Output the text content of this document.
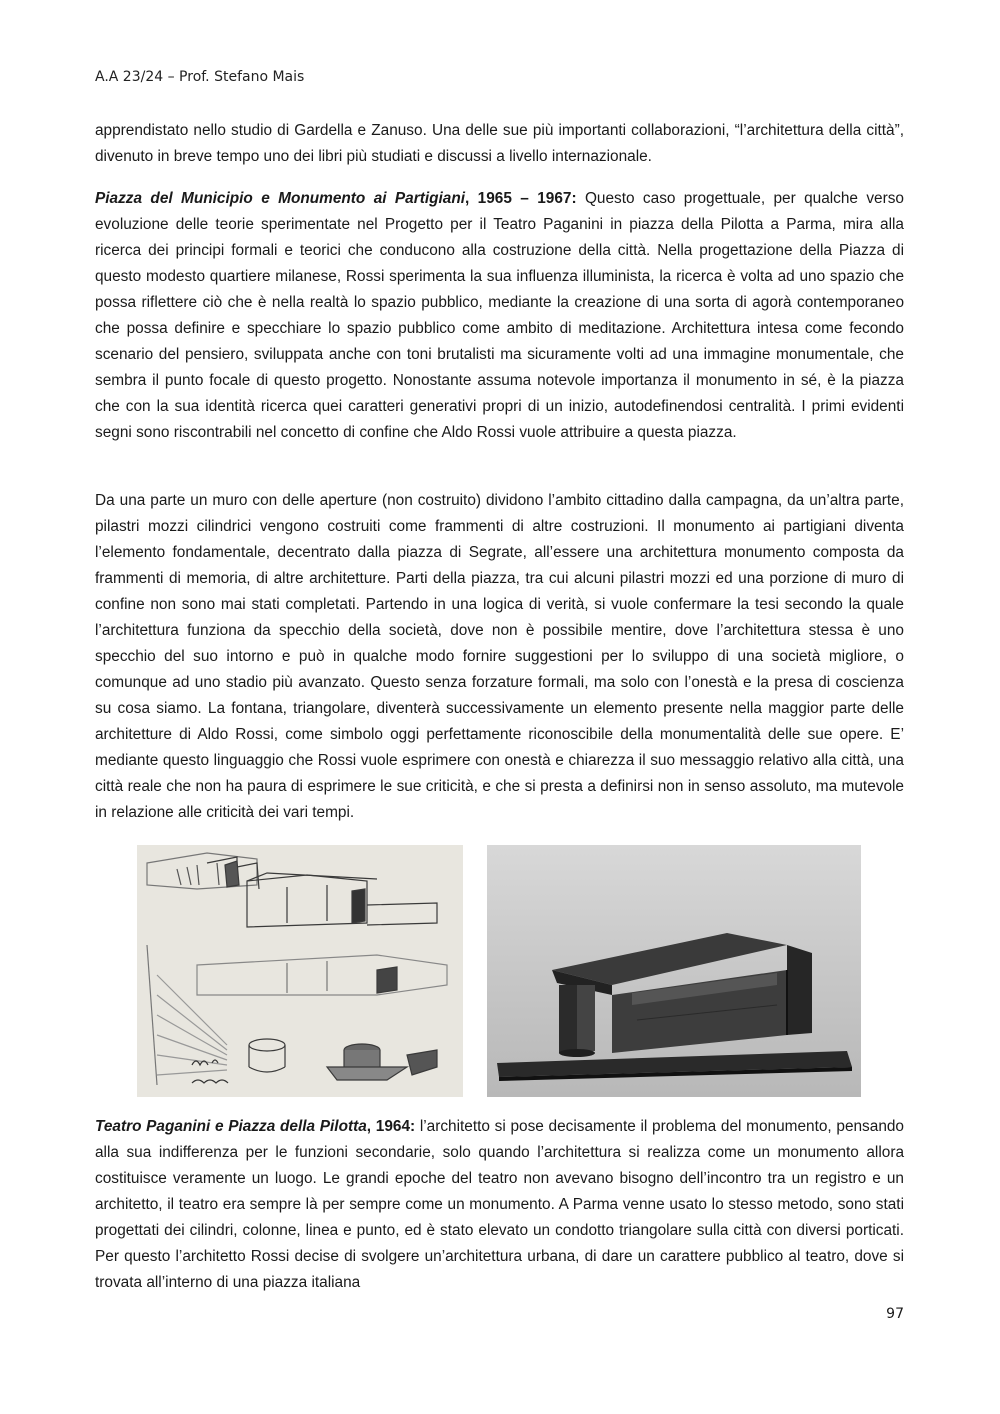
A.A 23/24 – Prof. Stefano Mais

apprendistato nello studio di Gardella e Zanuso. Una delle sue più importanti collaborazioni, “l’architettura della città”, divenuto in breve tempo uno dei libri più studiati e discussi a livello internazionale.

Piazza del Municipio e Monumento ai Partigiani, 1965 – 1967: Questo caso progettuale, per qualche verso evoluzione delle teorie sperimentate nel Progetto per il Teatro Paganini in piazza della Pilotta a Parma, mira alla ricerca dei principi formali e teorici che conducono alla costruzione della città. Nella progettazione della Piazza di questo modesto quartiere milanese, Rossi sperimenta la sua influenza illuminista, la ricerca è volta ad uno spazio che possa riflettere ciò che è nella realtà lo spazio pubblico, mediante la creazione di una sorta di agorà contemporaneo che possa definire e specchiare lo spazio pubblico come ambito di meditazione. Architettura intesa come fecondo scenario del pensiero, sviluppata anche con toni brutalisti ma sicuramente volti ad una immagine monumentale, che sembra il punto focale di questo progetto. Nonostante assuma notevole importanza il monumento in sé, è la piazza che con la sua identità ricerca quei caratteri generativi propri di un inizio, autodefinendosi centralità. I primi evidenti segni sono riscontrabili nel concetto di confine che Aldo Rossi vuole attribuire a questa piazza.

Da una parte un muro con delle aperture (non costruito) dividono l’ambito cittadino dalla campagna, da un’altra parte, pilastri mozzi cilindrici vengono costruiti come frammenti di altre costruzioni. Il monumento ai partigiani diventa l’elemento fondamentale, decentrato dalla piazza di Segrate, all’essere una architettura monumento composta da frammenti di memoria, di altre architetture. Parti della piazza, tra cui alcuni pilastri mozzi ed una porzione di muro di confine non sono mai stati completati. Partendo in una logica di verità, si vuole confermare la tesi secondo la quale l’architettura funziona da specchio della società, dove non è possibile mentire, dove l’architettura stessa è uno specchio del suo intorno e può in qualche modo fornire suggestioni per lo sviluppo di una società migliore, o comunque ad uno stadio più avanzato. Questo senza forzature formali, ma solo con l’onestà e la presa di coscienza su cosa siamo. La fontana, triangolare, diventerà successivamente un elemento presente nella maggior parte delle architetture di Aldo Rossi, come simbolo oggi perfettamente riconoscibile della monumentalità delle sue opere. E’ mediante questo linguaggio che Rossi vuole esprimere con onestà e chiarezza il suo messaggio relativo alla città, una città reale che non ha paura di esprimere le sue criticità, e che si presta a definirsi non in senso assoluto, ma mutevole in relazione alle criticità dei vari tempi.

Teatro Paganini e Piazza della Pilotta, 1964: l’architetto si pose decisamente il problema del monumento, pensando alla sua indifferenza per le funzioni secondarie, solo quando l’architettura si realizza come un monumento allora costituisce veramente un luogo. Le grandi epoche del teatro non avevano bisogno dell’incontro tra un registro e un architetto, il teatro era sempre là per sempre come un monumento. A Parma venne usato lo stesso metodo, sono stati progettati dei cilindri, colonne, linea e punto, ed è stato elevato un condotto triangolare sulla città con diversi porticati. Per questo l’architetto Rossi decise di svolgere un’architettura urbana, di dare un carattere pubblico al teatro, dove si trovata all’interno di una piazza italiana

97
